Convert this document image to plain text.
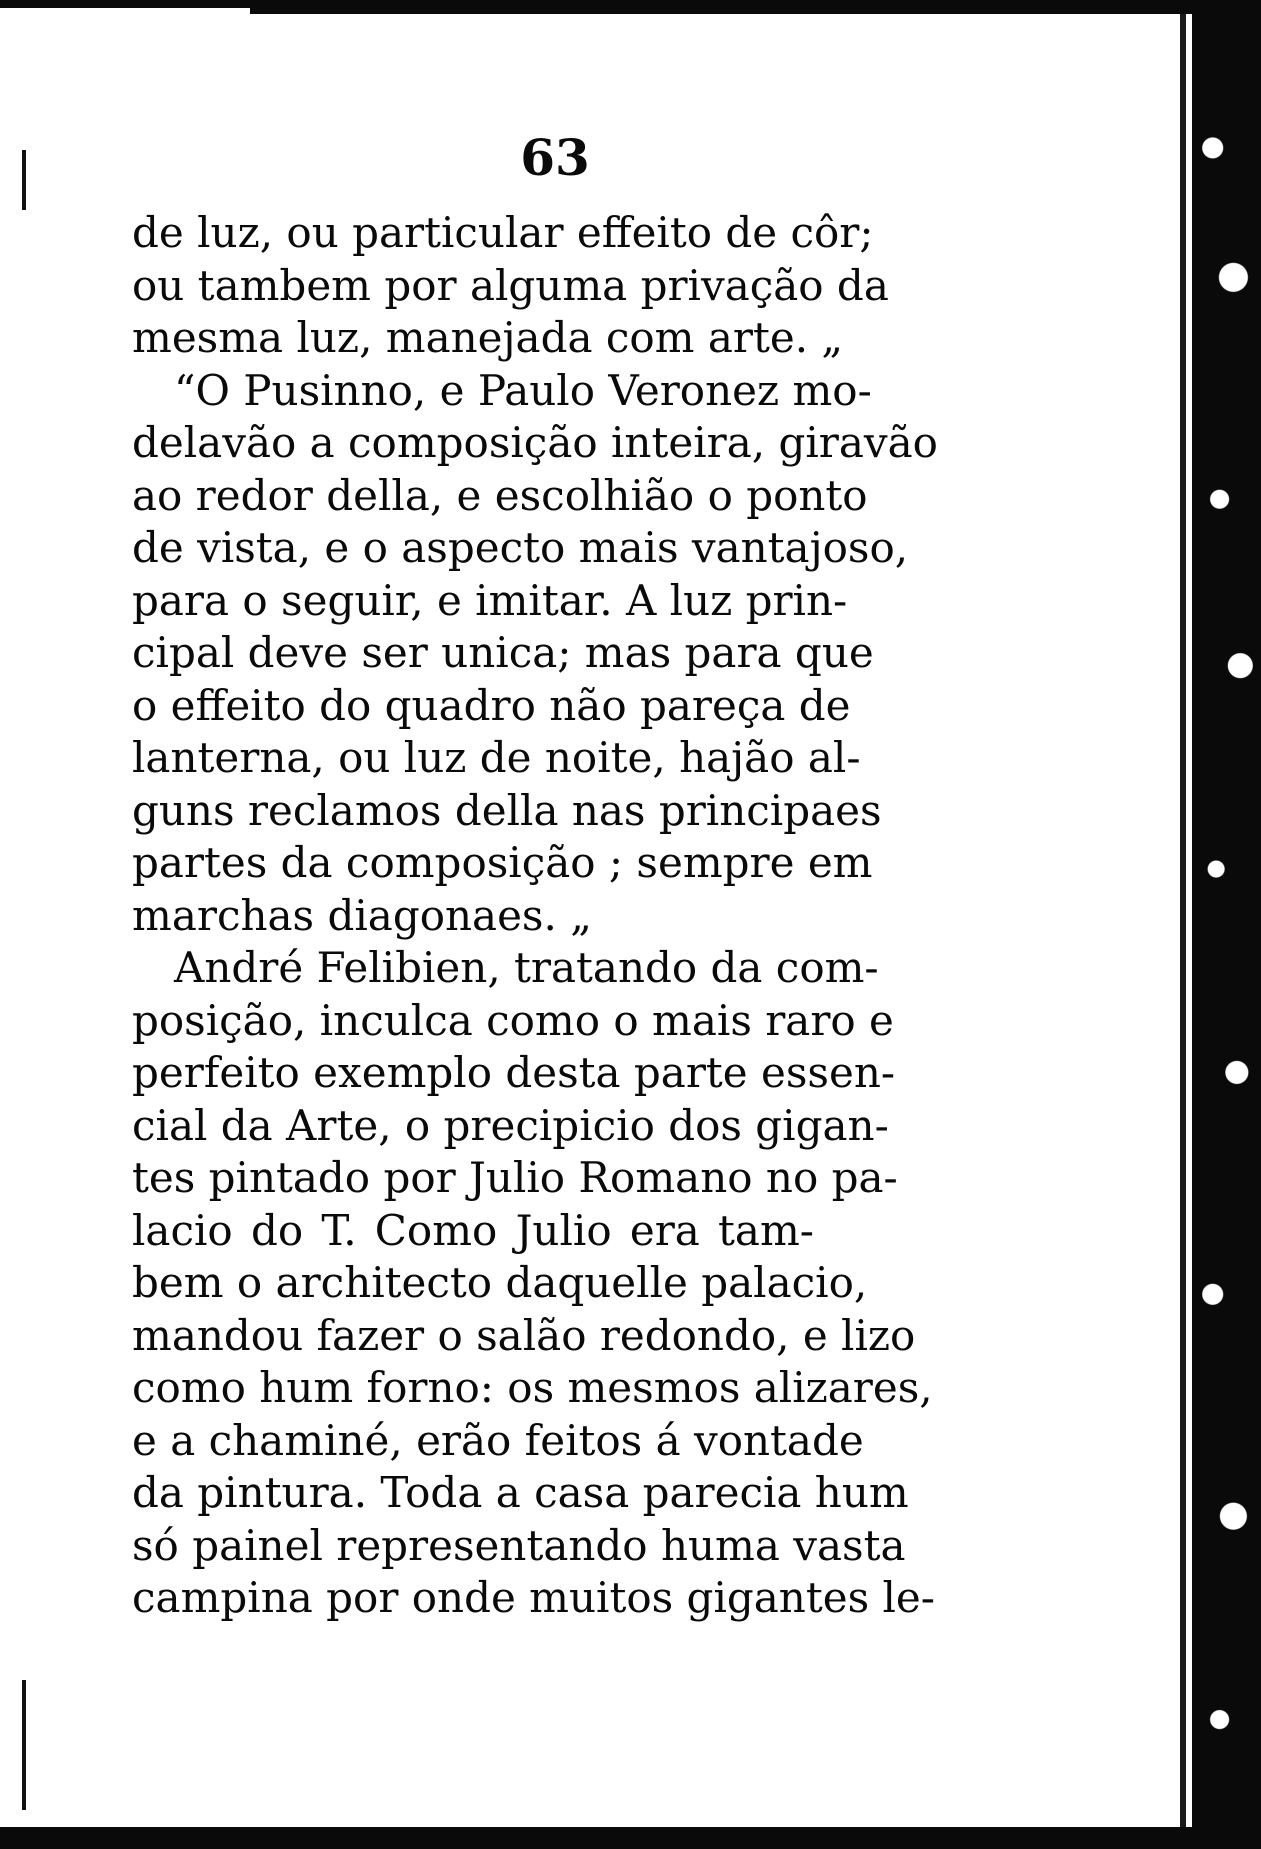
63
de luz, ou particular effeito de côr;
ou tambem por alguma privação da
mesma luz, manejada com arte. „
“O Pusinno, e Paulo Veronez mo-
delavão a composição inteira, giravão
ao redor della, e escolhião o ponto
de vista, e o aspecto mais vantajoso,
para o seguir, e imitar. A luz prin-
cipal deve ser unica; mas para que
o effeito do quadro não pareça de
lanterna, ou luz de noite, hajão al-
guns reclamos della nas principaes
partes da composição ; sempre em
marchas diagonaes. „
André Felibien, tratando da com-
posição, inculca como o mais raro e
perfeito exemplo desta parte essen-
cial da Arte, o precipicio dos gigan-
tes pintado por Julio Romano no pa-
lacio do T. Como Julio era tam-
bem o architecto daquelle palacio,
mandou fazer o salão redondo, e lizo
como hum forno: os mesmos alizares,
e a chaminé, erão feitos á vontade
da pintura. Toda a casa parecia hum
só painel representando huma vasta
campina por onde muitos gigantes le-
